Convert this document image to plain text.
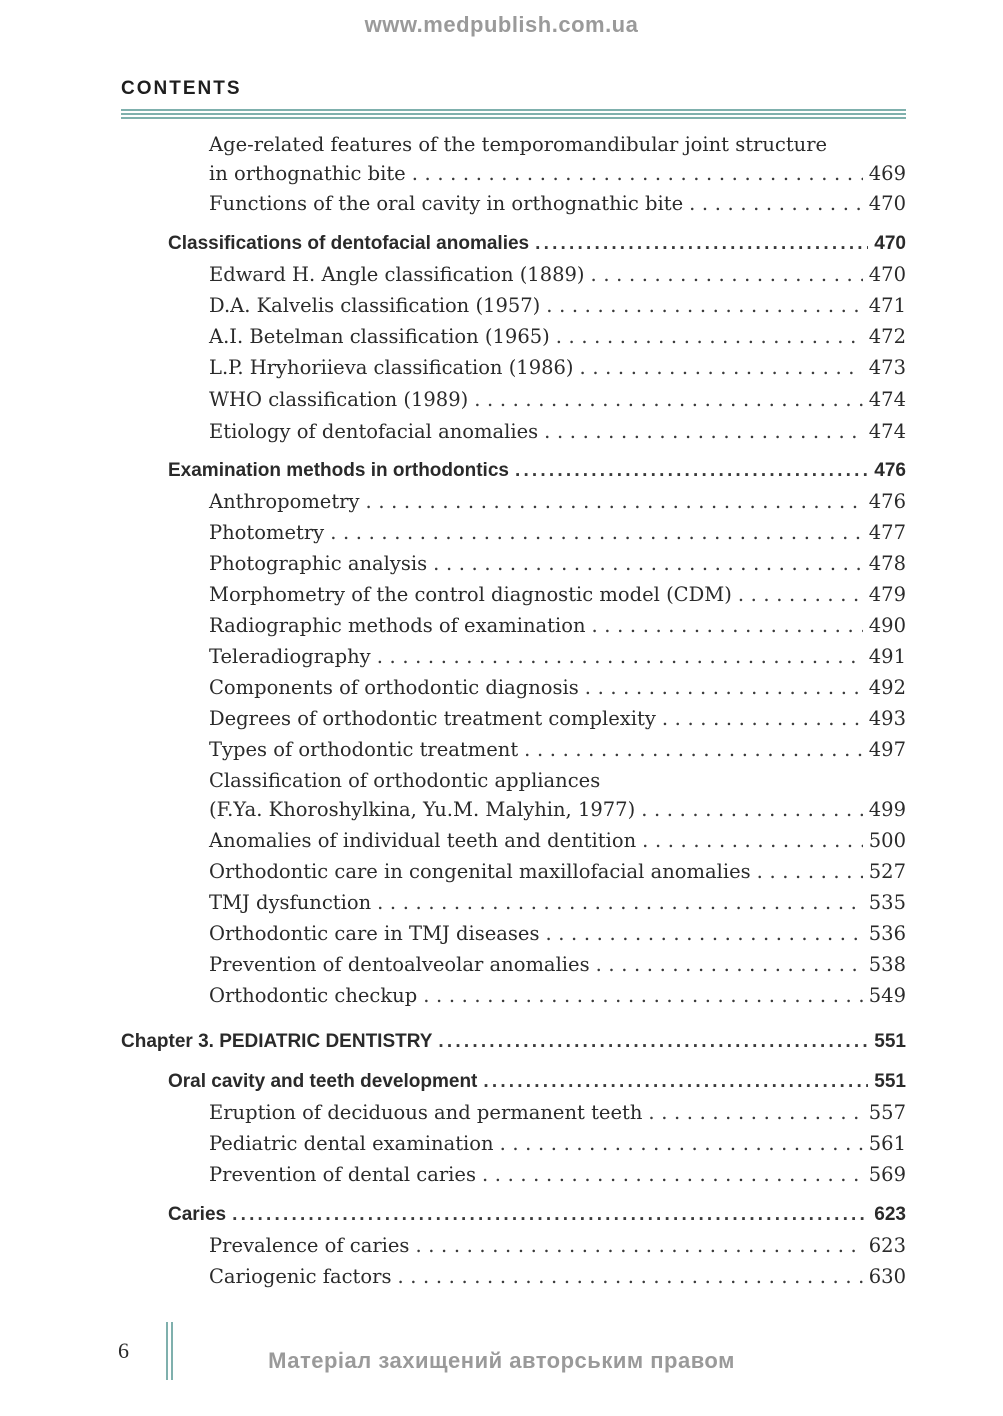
www.medpublish.com.ua
CONTENTS
Age-related features of the temporomandibular joint structure
in orthognathic bite . . .	469
Functions of the oral cavity in orthognathic bite . . .	470
Classifications of dentofacial anomalies .....	470
Edward H. Angle classification (1889) . . .	470
D.A. Kalvelis classification (1957) . . .	471
A.I. Betelman classification (1965) . . .	472
L.P. Hryhoriieva classification (1986) . . .	473
WHO classification (1989) . . .	474
Etiology of dentofacial anomalies . . .	474
Examination methods in orthodontics .....	476
Anthropometry . . .	476
Photometry . . .	477
Photographic analysis . . .	478
Morphometry of the control diagnostic model (CDM) . . .	479
Radiographic methods of examination . . .	490
Teleradiography . . .	491
Components of orthodontic diagnosis . . .	492
Degrees of orthodontic treatment complexity . . .	493
Types of orthodontic treatment . . .	497
Classification of orthodontic appliances
(F.Ya. Khoroshylkina, Yu.M. Malyhin, 1977) . . .	499
Anomalies of individual teeth and dentition . . .	500
Orthodontic care in congenital maxillofacial anomalies . . .	527
TMJ dysfunction . . .	535
Orthodontic care in TMJ diseases . . .	536
Prevention of dentoalveolar anomalies . . .	538
Orthodontic checkup . . .	549
Chapter 3. PEDIATRIC DENTISTRY .....	551
Oral cavity and teeth development .....	551
Eruption of deciduous and permanent teeth . . .	557
Pediatric dental examination . . .	561
Prevention of dental caries . . .	569
Caries .....	623
Prevalence of caries . . .	623
Cariogenic factors . . .	630
6	Матеріал захищений авторським правом
